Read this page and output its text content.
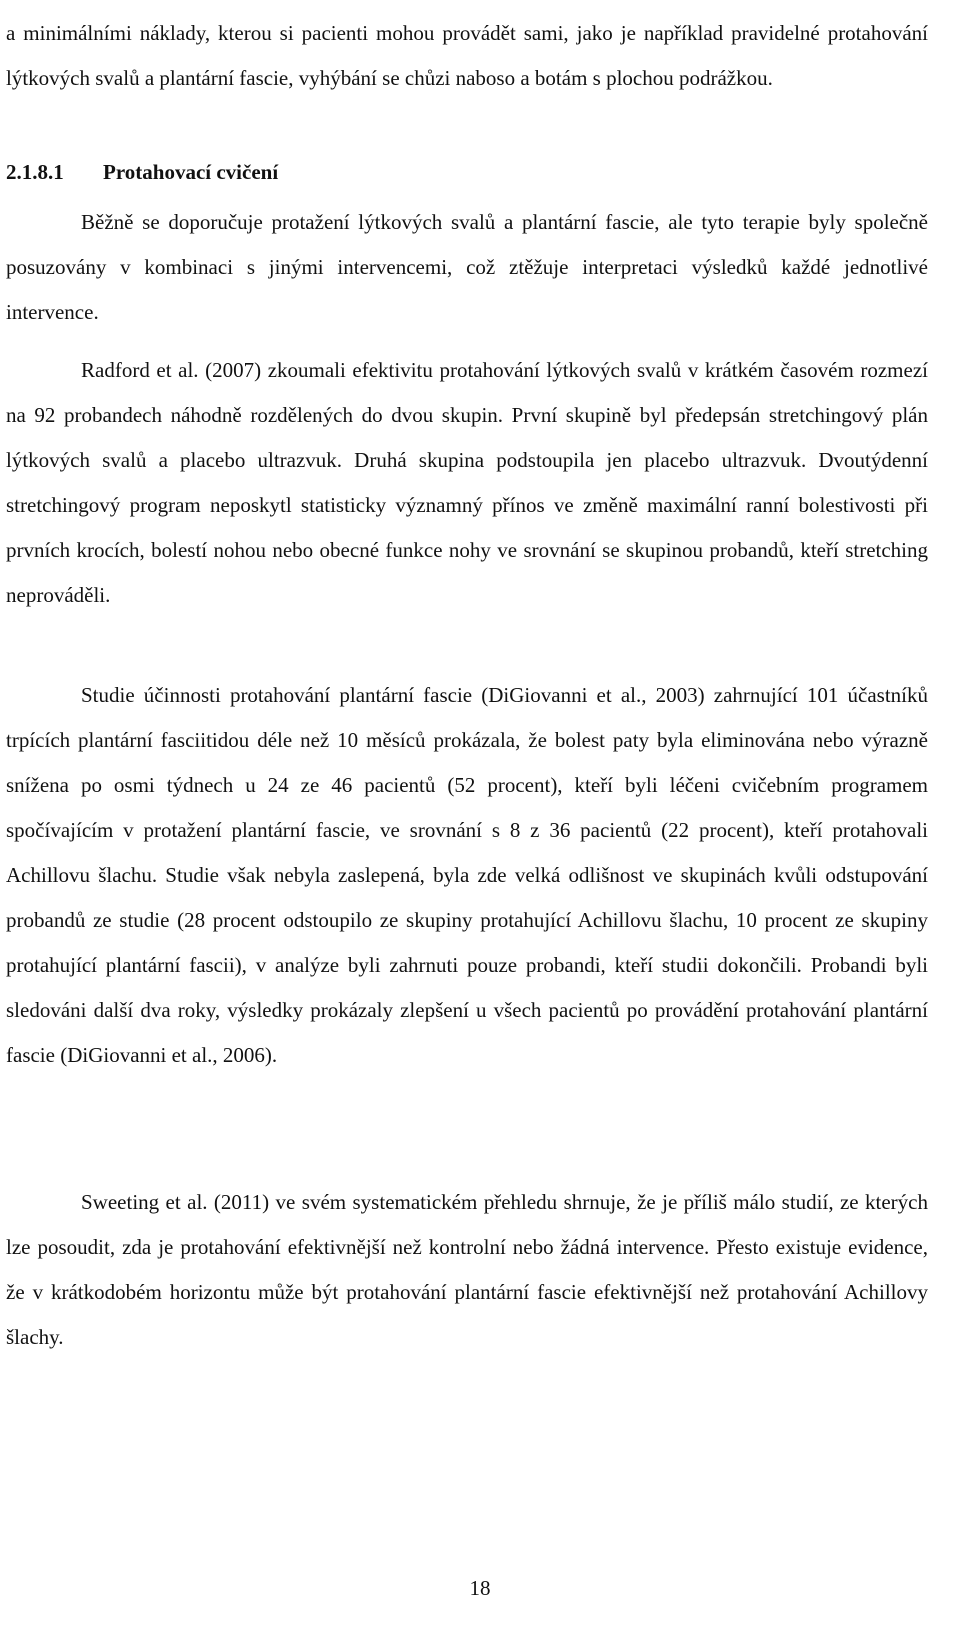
a minimálními náklady, kterou si pacienti mohou provádět sami, jako je například pravidelné protahování lýtkových svalů a plantární fascie, vyhýbání se chůzi naboso a botám s plochou podrážkou.

2.1.8.1 Protahovací cvičení

Běžně se doporučuje protažení lýtkových svalů a plantární fascie, ale tyto terapie byly společně posuzovány v kombinaci s jinými intervencemi, což ztěžuje interpretaci výsledků každé jednotlivé intervence.

Radford et al. (2007) zkoumali efektivitu protahování lýtkových svalů v krátkém časovém rozmezí na 92 probandech náhodně rozdělených do dvou skupin. První skupině byl předepsán stretchingový plán lýtkových svalů a placebo ultrazvuk. Druhá skupina podstoupila jen placebo ultrazvuk. Dvoutýdenní stretchingový program neposkytl statisticky významný přínos ve změně maximální ranní bolestivosti při prvních krocích, bolestí nohou nebo obecné funkce nohy ve srovnání se skupinou probandů, kteří stretching neprováděli.

Studie účinnosti protahování plantární fascie (DiGiovanni et al., 2003) zahrnující 101 účastníků trpících plantární fasciitidou déle než 10 měsíců prokázala, že bolest paty byla eliminována nebo výrazně snížena po osmi týdnech u 24 ze 46 pacientů (52 procent), kteří byli léčeni cvičebním programem spočívajícím v protažení plantární fascie, ve srovnání s 8 z 36 pacientů (22 procent), kteří protahovali Achillovu šlachu. Studie však nebyla zaslepená, byla zde velká odlišnost ve skupinách kvůli odstupování probandů ze studie (28 procent odstoupilo ze skupiny protahující Achillovu šlachu, 10 procent ze skupiny protahující plantární fascii), v analýze byli zahrnuti pouze probandi, kteří studii dokončili. Probandi byli sledováni další dva roky, výsledky prokázaly zlepšení u všech pacientů po provádění protahování plantární fascie (DiGiovanni et al., 2006).

Sweeting et al. (2011) ve svém systematickém přehledu shrnuje, že je příliš málo studií, ze kterých lze posoudit, zda je protahování efektivnější než kontrolní nebo žádná intervence. Přesto existuje evidence, že v krátkodobém horizontu může být protahování plantární fascie efektivnější než protahování Achillovy šlachy.

18
